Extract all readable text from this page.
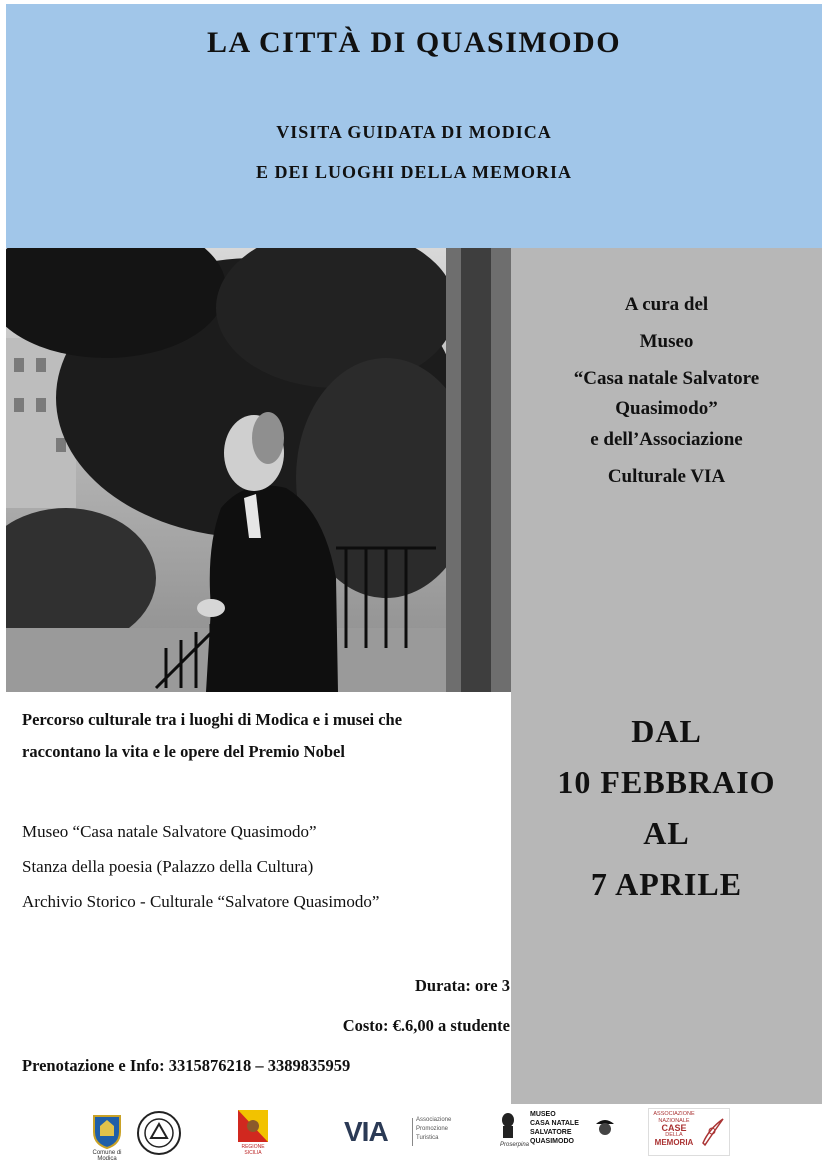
LA CITTÀ DI QUASIMODO
VISITA GUIDATA DI MODICA
E DEI LUOGHI DELLA MEMORIA
A cura del
Museo
“Casa natale Salvatore
Quasimodo”
e dell’Associazione
Culturale VIA
DAL
10 FEBBRAIO
AL
7 APRILE
Percorso culturale tra i luoghi di Modica e i musei che
raccontano la vita e le opere del Premio Nobel
Museo “Casa natale Salvatore Quasimodo”
Stanza della poesia (Palazzo della Cultura)
Archivio Storico - Culturale “Salvatore Quasimodo”
Durata: ore 3
Costo: €.6,00 a studente
Prenotazione e Info: 3315876218 – 3389835959
Comune di Modica
REGIONE SICILIA
VIA	Associazione
Promozione
Turistica
Proserpina
MUSEO
CASA NATALE
SALVATORE
QUASIMODO
ASSOCIAZIONE
NAZIONALE
CASE
DELLA
MEMORIA
